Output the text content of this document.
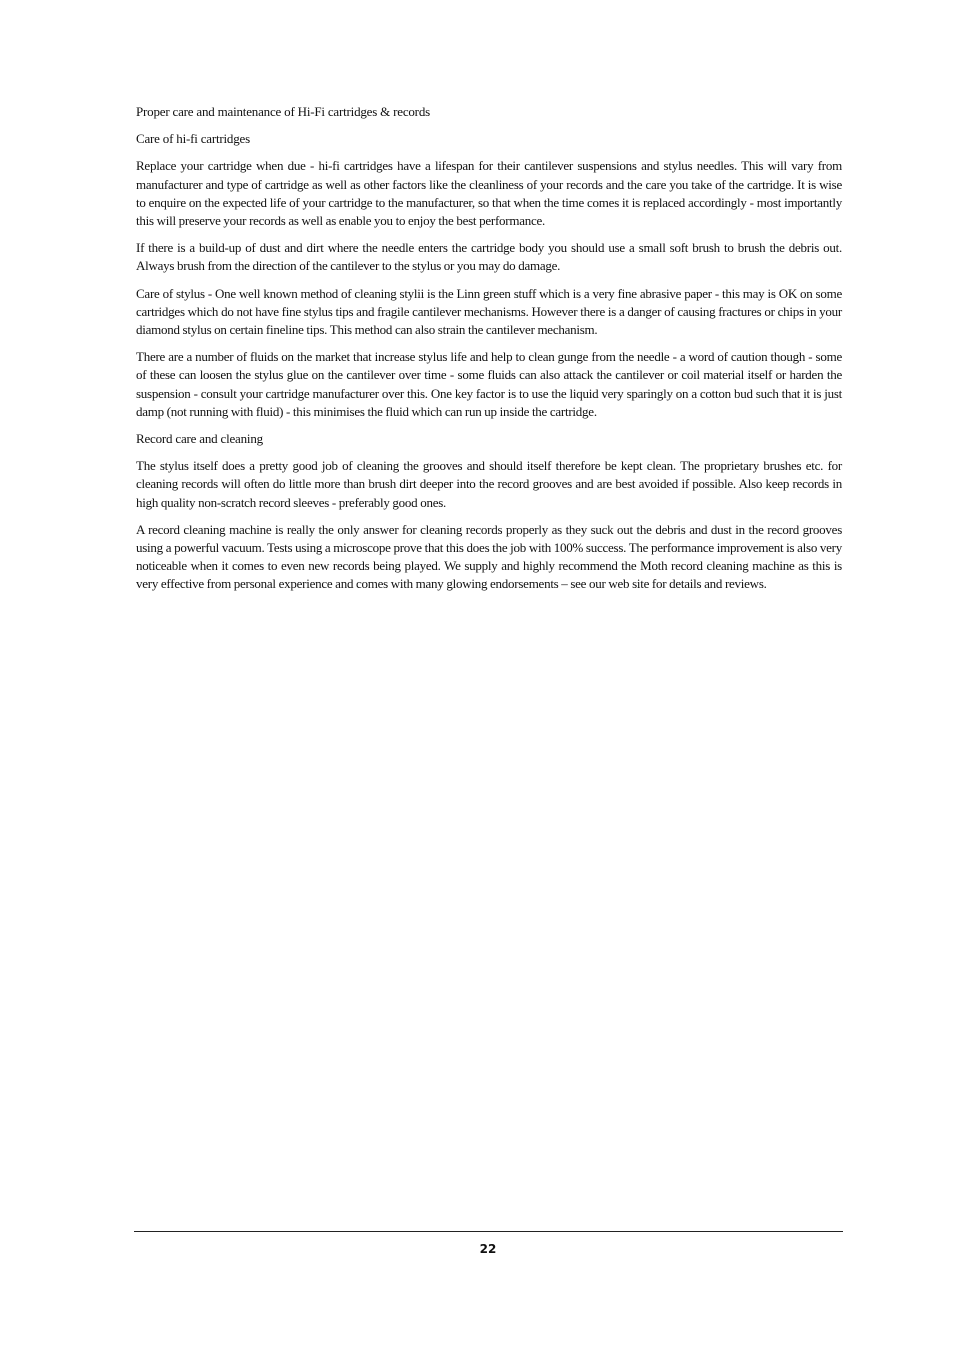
Proper care and maintenance of Hi-Fi cartridges & records

Care of hi-fi cartridges

Replace your cartridge when due - hi-fi cartridges have a lifespan for their cantilever suspensions and stylus needles. This will vary from manufacturer and type of cartridge as well as other factors like the cleanliness of your records and the care you take of the cartridge. It is wise to enquire on the expected life of your cartridge to the manufacturer, so that when the time comes it is replaced accordingly - most importantly this will preserve your records as well as enable you to enjoy the best performance.

If there is a build-up of dust and dirt where the needle enters the cartridge body you should use a small soft brush to brush the debris out. Always brush from the direction of the cantilever to the stylus or you may do damage.

Care of stylus - One well known method of cleaning stylii is the Linn green stuff which is a very fine abrasive paper - this may is OK on some cartridges which do not have fine stylus tips and fragile cantilever mechanisms. However there is a danger of causing fractures or chips in your diamond stylus on certain fineline tips. This method can also strain the cantilever mechanism.

There are a number of fluids on the market that increase stylus life and help to clean gunge from the needle - a word of caution though - some of these can loosen the stylus glue on the cantilever over time - some fluids can also attack the cantilever or coil material itself or harden the suspension - consult your cartridge manufacturer over this. One key factor is to use the liquid very sparingly on a cotton bud such that it is just damp (not running with fluid) - this minimises the fluid which can run up inside the cartridge.

Record care and cleaning

The stylus itself does a pretty good job of cleaning the grooves and should itself therefore be kept clean. The proprietary brushes etc. for cleaning records will often do little more than brush dirt deeper into the record grooves and are best avoided if possible. Also keep records in high quality non-scratch record sleeves - preferably good ones.

A record cleaning machine is really the only answer for cleaning records properly as they suck out the debris and dust in the record grooves using a powerful vacuum. Tests using a microscope prove that this does the job with 100% success. The performance improvement is also very noticeable when it comes to even new records being played. We supply and highly recommend the Moth record cleaning machine as this is very effective from personal experience and comes with many glowing endorsements – see our web site for details and reviews.

22
